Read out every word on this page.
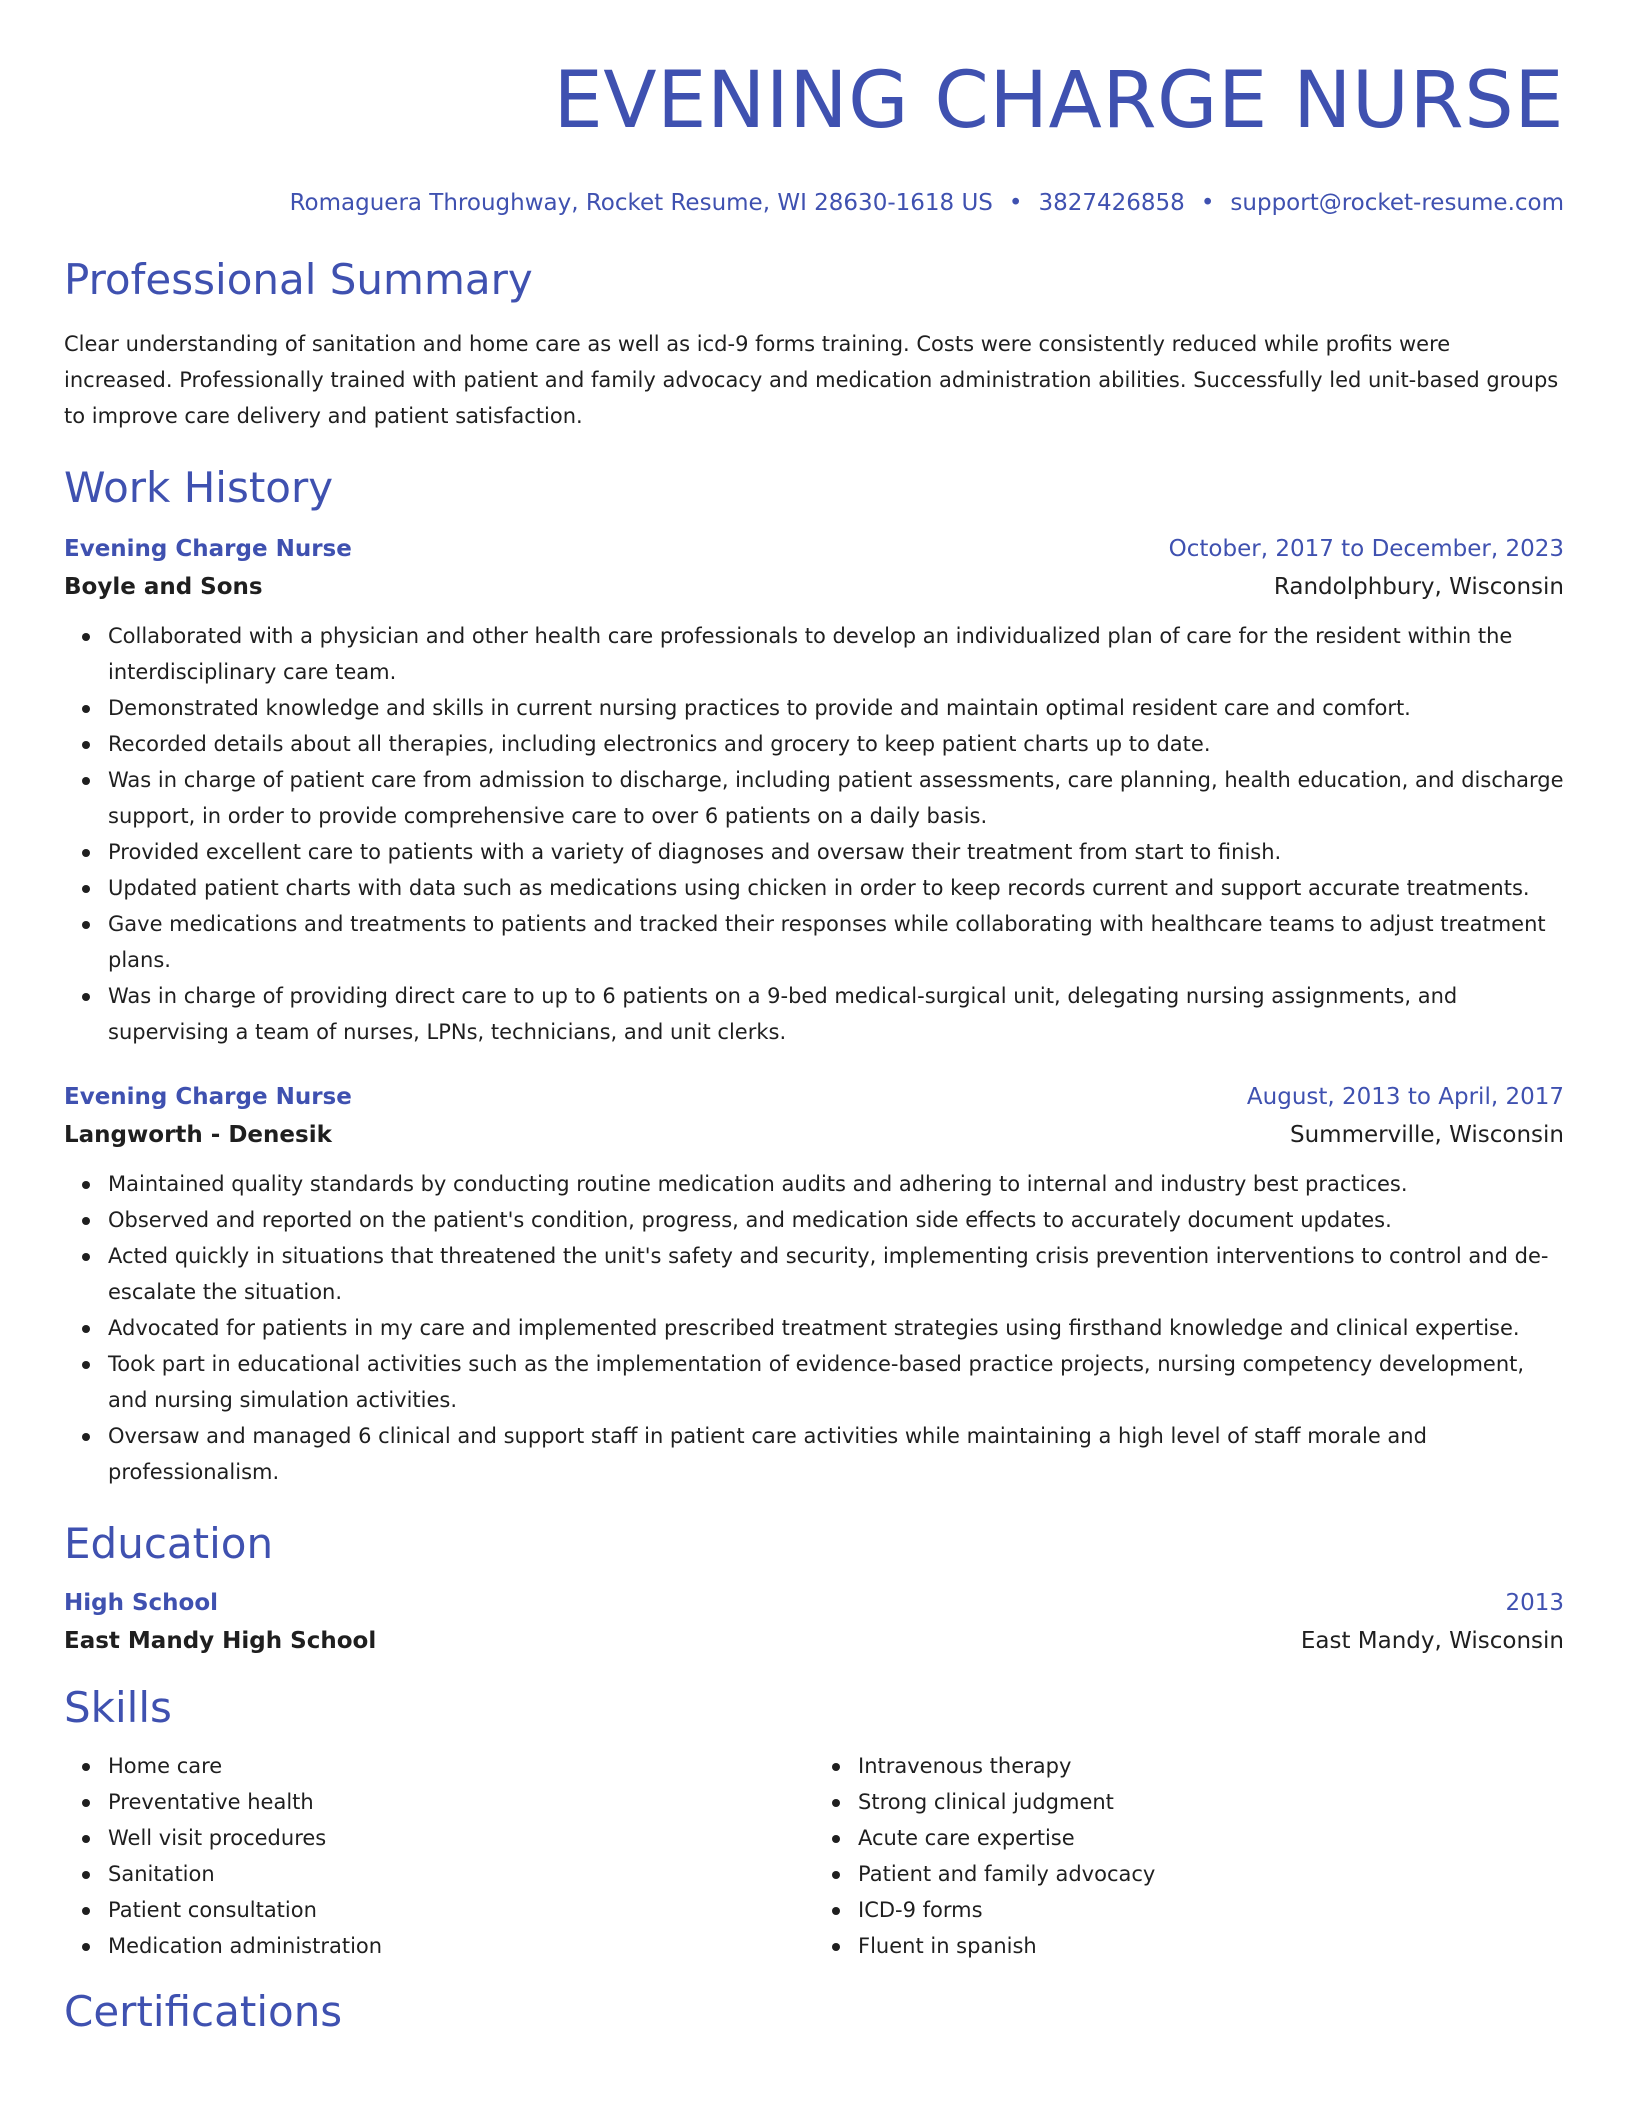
EVENING CHARGE NURSE
Romaguera Throughway, Rocket Resume, WI 28630-1618 US • 3827426858 • support@rocket-resume.com
Professional Summary
Clear understanding of sanitation and home care as well as icd-9 forms training. Costs were consistently reduced while profits were increased. Professionally trained with patient and family advocacy and medication administration abilities. Successfully led unit-based groups to improve care delivery and patient satisfaction.
Work History
Evening Charge Nurse	October, 2017 to December, 2023
Boyle and Sons	Randolphbury, Wisconsin
Collaborated with a physician and other health care professionals to develop an individualized plan of care for the resident within the interdisciplinary care team.
Demonstrated knowledge and skills in current nursing practices to provide and maintain optimal resident care and comfort.
Recorded details about all therapies, including electronics and grocery to keep patient charts up to date.
Was in charge of patient care from admission to discharge, including patient assessments, care planning, health education, and discharge support, in order to provide comprehensive care to over 6 patients on a daily basis.
Provided excellent care to patients with a variety of diagnoses and oversaw their treatment from start to finish.
Updated patient charts with data such as medications using chicken in order to keep records current and support accurate treatments.
Gave medications and treatments to patients and tracked their responses while collaborating with healthcare teams to adjust treatment plans.
Was in charge of providing direct care to up to 6 patients on a 9-bed medical-surgical unit, delegating nursing assignments, and supervising a team of nurses, LPNs, technicians, and unit clerks.
Evening Charge Nurse	August, 2013 to April, 2017
Langworth - Denesik	Summerville, Wisconsin
Maintained quality standards by conducting routine medication audits and adhering to internal and industry best practices.
Observed and reported on the patient's condition, progress, and medication side effects to accurately document updates.
Acted quickly in situations that threatened the unit's safety and security, implementing crisis prevention interventions to control and de-escalate the situation.
Advocated for patients in my care and implemented prescribed treatment strategies using firsthand knowledge and clinical expertise.
Took part in educational activities such as the implementation of evidence-based practice projects, nursing competency development, and nursing simulation activities.
Oversaw and managed 6 clinical and support staff in patient care activities while maintaining a high level of staff morale and professionalism.
Education
High School	2013
East Mandy High School	East Mandy, Wisconsin
Skills
Home care
Preventative health
Well visit procedures
Sanitation
Patient consultation
Medication administration
Intravenous therapy
Strong clinical judgment
Acute care expertise
Patient and family advocacy
ICD-9 forms
Fluent in spanish
Certifications
